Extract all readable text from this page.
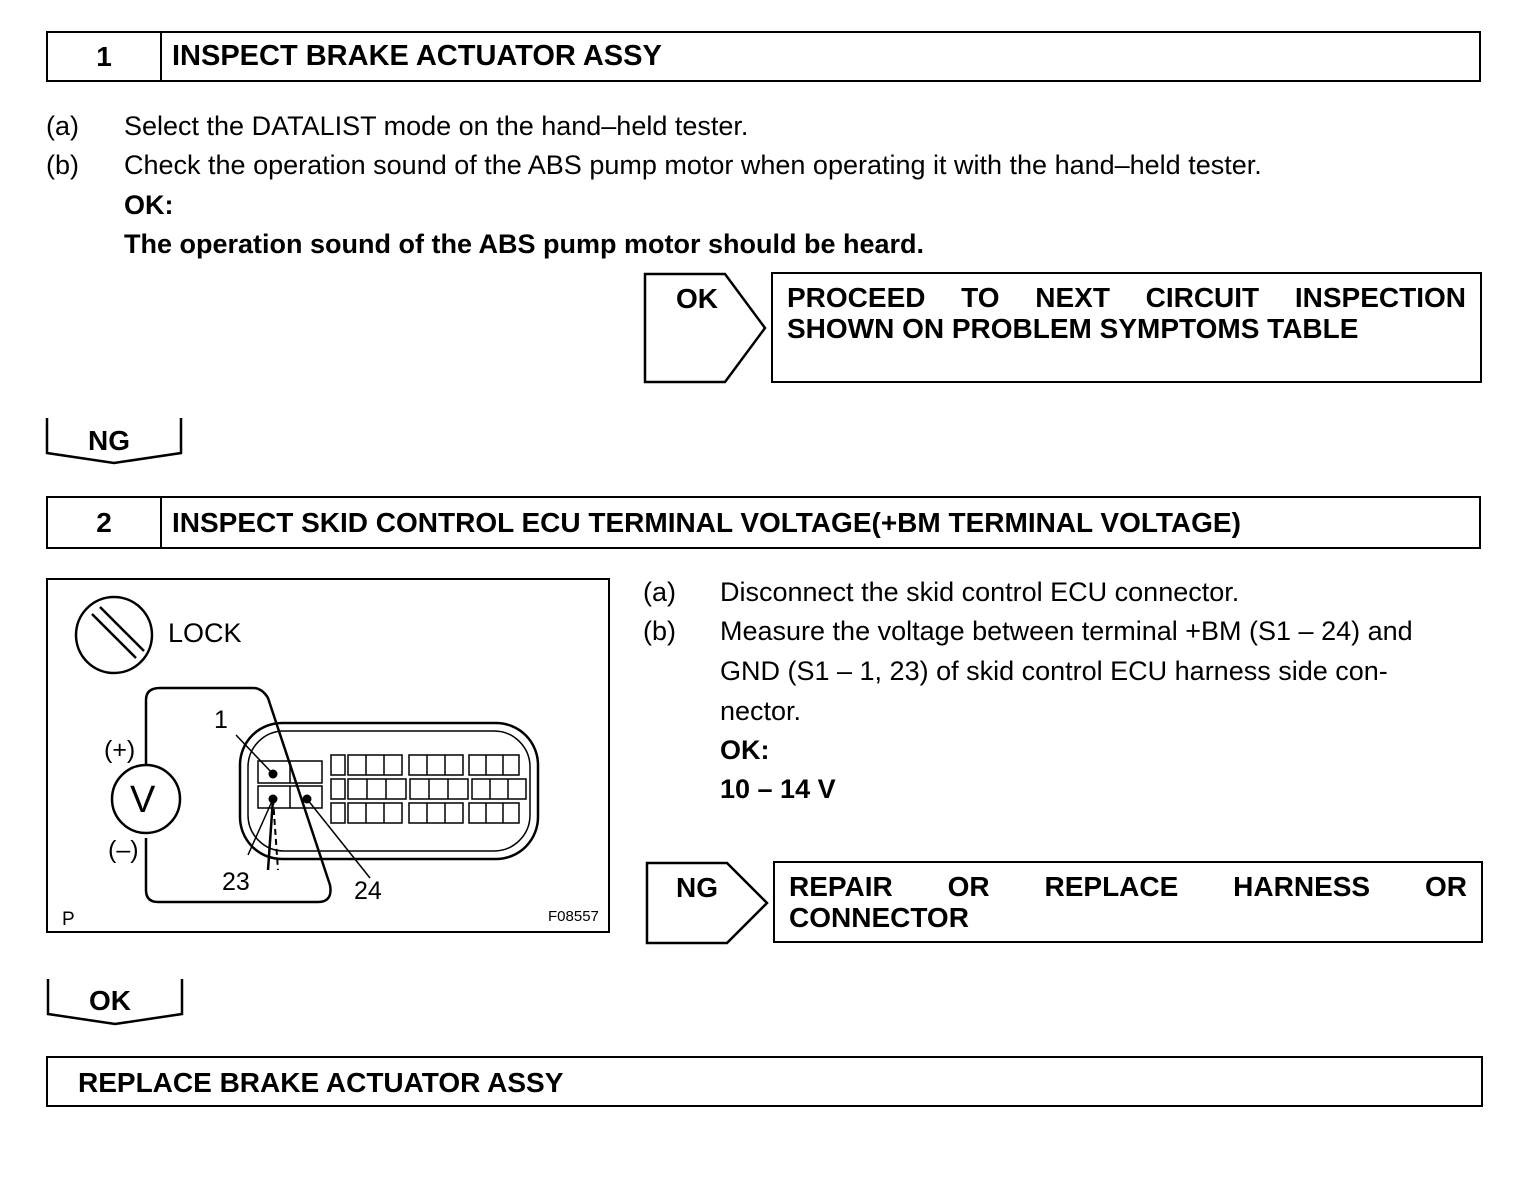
1	INSPECT BRAKE ACTUATOR ASSY
(a) Select the DATALIST mode on the hand–held tester.
(b) Check the operation sound of the ABS pump motor when operating it with the hand–held tester.
OK:
The operation sound of the ABS pump motor should be heard.
OK PROCEED TO NEXT CIRCUIT INSPECTION
SHOWN ON PROBLEM SYMPTOMS TABLE
NG
2	INSPECT SKID CONTROL ECU TERMINAL VOLTAGE(+BM TERMINAL VOLTAGE)
LOCK
V
(+)
(–)
1
23	24
P	F08557
(a) Disconnect the skid control ECU connector.
(b) Measure the voltage between terminal +BM (S1 – 24) and
GND (S1 – 1, 23) of skid control ECU harness side con-
nector.
OK:
10 – 14 V
NG	REPAIR OR REPLACE HARNESS OR
CONNECTOR
OK
REPLACE BRAKE ACTUATOR ASSY
